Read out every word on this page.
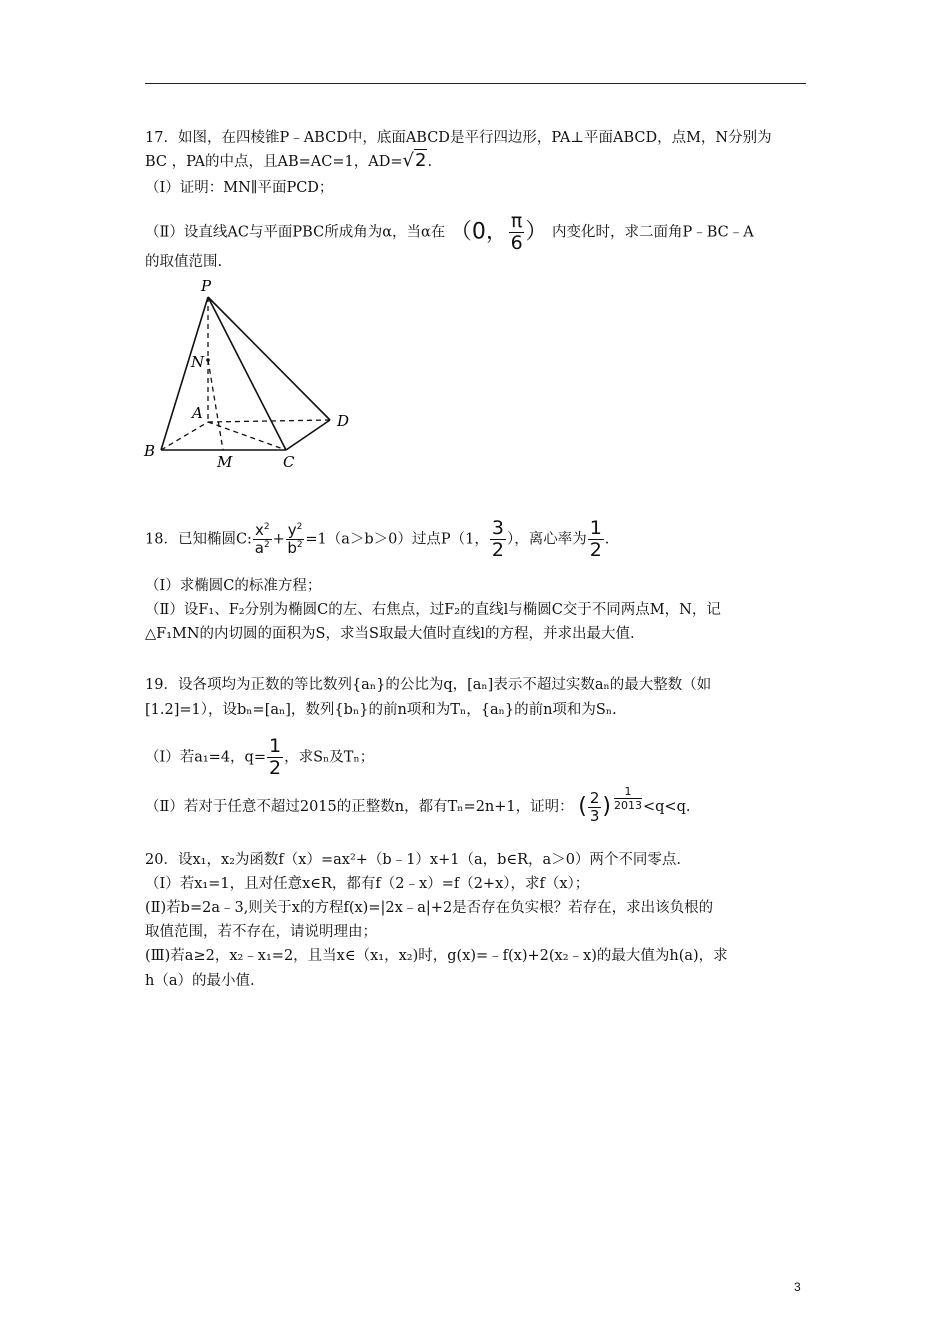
17．如图，在四棱锥P﹣ABCD中，底面ABCD是平行四边形，PA⊥平面ABCD，点M，N分别为
BC ，PA的中点，且AB=AC=1，AD=√2.
（Ⅰ）证明：MN∥平面PCD；
（Ⅱ）设直线AC与平面PBC所成角为α，当α在 （0， $\frac{\pi}{6}$ ） 内变化时，求二面角P﹣BC﹣A
的取值范围.
P
N
A	D
B
M	C
18．已知椭圆C: $\frac{x^2}{a^2} + \frac{y^2}{b^2} =1(a>b>0)$过点P（1， $\frac{3}{2}$ ），离心率为 $\frac{1}{2}$ .
（Ⅰ）求椭圆C的标准方程；
（Ⅱ）设F₁、F₂分别为椭圆C的左、右焦点，过F₂的直线l与椭圆C交于不同两点M，N，记
△F₁MN的内切圆的面积为S，求当S取最大值时直线l的方程，并求出最大值.
19．设各项均为正数的等比数列{aₙ}的公比为q，[aₙ]表示不超过实数aₙ的最大整数（如
[1.2]=1），设bₙ=[aₙ]，数列{bₙ}的前n项和为Tₙ，{aₙ}的前n项和为Sₙ.
（Ⅰ）若a₁=4，$q= \frac{1}{2}$ ，求Sₙ及Tₙ；
（Ⅱ）若对于任意不超过2015的正整数n，都有Tₙ=2n+1，证明： ( $\frac{2}{3}$ ) $^{\frac{1}{2013}}$ <q<q.
20．设x₁，x₂为函数f（x）=ax²+（b﹣1）x+1（a，b∈R，a＞0）两个不同零点.
（Ⅰ）若x₁=1，且对任意x∈R，都有f（2﹣x）=f（2+x），求f（x）；
(Ⅱ)若b=2a﹣3,则关于x的方程f(x)=|2x﹣a|+2是否存在负实根？若存在，求出该负根的
取值范围，若不存在，请说明理由；
(Ⅲ)若a≥2，x₂﹣x₁=2，且当x∈（x₁，x₂)时，g(x)=﹣f(x)+2(x₂﹣x)的最大值为h(a)，求
h（a）的最小值.
3
